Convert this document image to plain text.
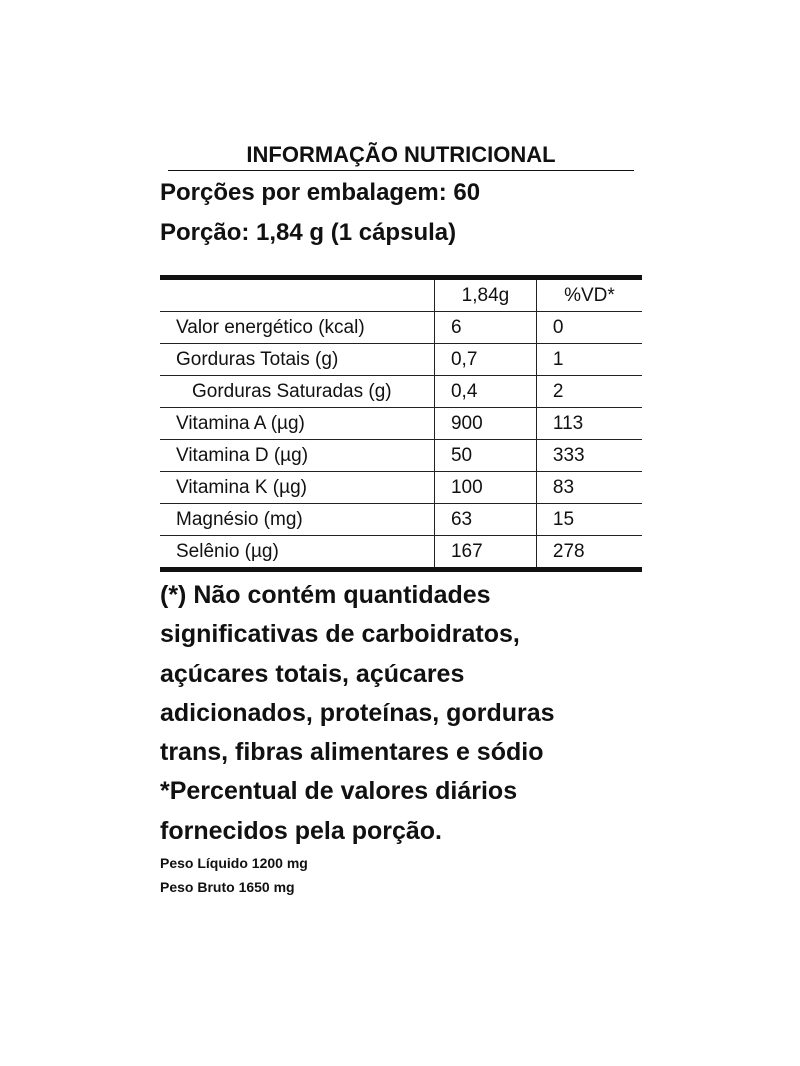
INFORMAÇÃO NUTRICIONAL

Porções por embalagem: 60

Porção: 1,84 g (1 cápsula)

	1,84g	%VD*
Valor energético (kcal)	6	0
Gorduras Totais (g)	0,7	1
Gorduras Saturadas (g)	0,4	2
Vitamina A (µg)	900	113
Vitamina D (µg)	50	333
Vitamina K (µg)	100	83
Magnésio (mg)	63	15
Selênio (µg)	167	278
(*) Não contém quantidades
significativas de carboidratos,
açúcares totais, açúcares
adicionados, proteínas, gorduras
trans, fibras alimentares e sódio
*Percentual de valores diários
fornecidos pela porção.
Peso Líquido 1200 mg
Peso Bruto 1650 mg
